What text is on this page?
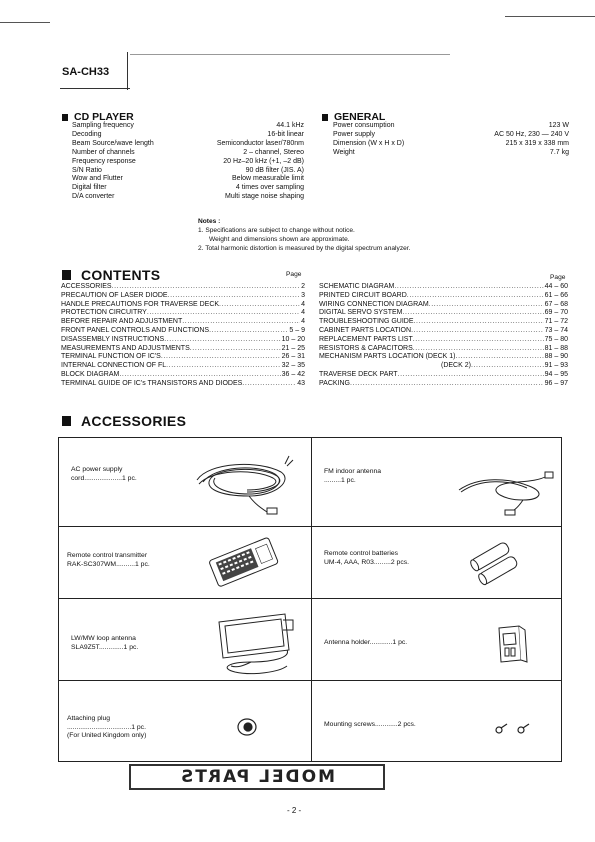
SA-CH33
CD PLAYER
Sampling frequency	44.1 kHz
Decoding	16-bit linear
Beam Source/wave length	Semiconductor laser/780nm
Number of channels	2 – channel, Stereo
Frequency response	20 Hz–20 kHz (+1, –2 dB)
S/N Ratio	90 dB filter (JIS. A)
Wow and Flutter	Below measurable limit
Digital filter	4 times over sampling
D/A converter	Multi stage noise shaping
GENERAL
Power consumption	123 W
Power supply	AC 50 Hz, 230 — 240 V
Dimension (W x H x D)	215 x 319 x 338 mm
Weight	7.7 kg
Notes :
1. Specifications are subject to change without notice.
Weight and dimensions shown are approximate.
2. Total harmonic distortion is measured by the digital spectrum analyzer.
CONTENTS	Page	Page
ACCESSORIES .....	2
PRECAUTION OF LASER DIODE .....	3
HANDLE PRECAUTIONS FOR TRAVERSE DECK .....	4
PROTECTION CIRCUITRY .....	4
BEFORE REPAIR AND ADJUSTMENT .....	4
FRONT PANEL CONTROLS AND FUNCTIONS .....	5 – 9
DISASSEMBLY INSTRUCTIONS .....	10 – 20
MEASUREMENTS AND ADJUSTMENTS .....	21 – 25
TERMINAL FUNCTION OF IC'S .....	26 – 31
INTERNAL CONNECTION OF FL .....	32 – 35
BLOCK DIAGRAM .....	36 – 42
TERMINAL GUIDE OF IC's TRANSISTORS AND DIODES .....	43
SCHEMATIC DIAGRAM .....	44 – 60
PRINTED CIRCUIT BOARD .....	61 – 66
WIRING CONNECTION DIAGRAM .....	67 – 68
DIGITAL SERVO SYSTEM .....	69 – 70
TROUBLESHOOTING GUIDE .....	71 – 72
CABINET PARTS LOCATION .....	73 – 74
REPLACEMENT PARTS LIST .....	75 – 80
RESISTORS & CAPACITORS .....	81 – 88
MECHANISM PARTS LOCATION (DECK 1) .....	88 – 90
(DECK 2) .....	91 – 93
TRAVERSE DECK PART .....	94 – 95
PACKING .....	96 – 97
ACCESSORIES
AC power supply
cord....................1 pc.
FM indoor antenna
.........1 pc.
Remote control transmitter
RAK-SC307WM..........1 pc.
Remote control batteries
UM-4, AAA, R03.........2 pcs.
LW/MW loop antenna
SLA9Z5T.............1 pc.
Antenna holder............1 pc.
Attaching plug
..................................1 pc.
(For United Kingdom only)
Mounting screws............2 pcs.
MODEL PARTS
- 2 -
